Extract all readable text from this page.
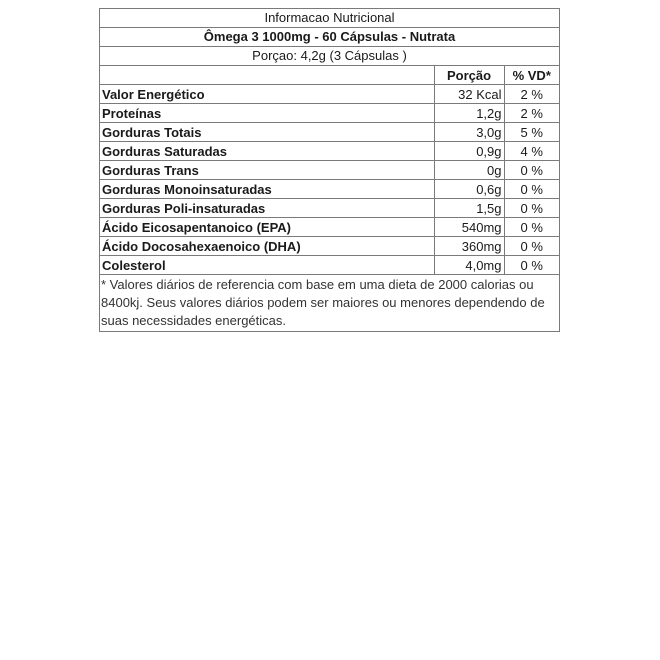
Informacao Nutricional
Ômega 3 1000mg - 60 Cápsulas - Nutrata
Porçao: 4,2g (3 Cápsulas )
	Porção	% VD*
Valor Energético	32 Kcal	2 %
Proteínas	1,2g	2 %
Gorduras Totais	3,0g	5 %
Gorduras Saturadas	0,9g	4 %
Gorduras Trans	0g	0 %
Gorduras Monoinsaturadas	0,6g	0 %
Gorduras Poli-insaturadas	1,5g	0 %
Ácido Eicosapentanoico (EPA)	540mg	0 %
Ácido Docosahexaenoico (DHA)	360mg	0 %
Colesterol	4,0mg	0 %
* Valores diários de referencia com base em uma dieta de 2000 calorias ou 8400kj. Seus valores diários podem ser maiores ou menores dependendo de suas necessidades energéticas.
